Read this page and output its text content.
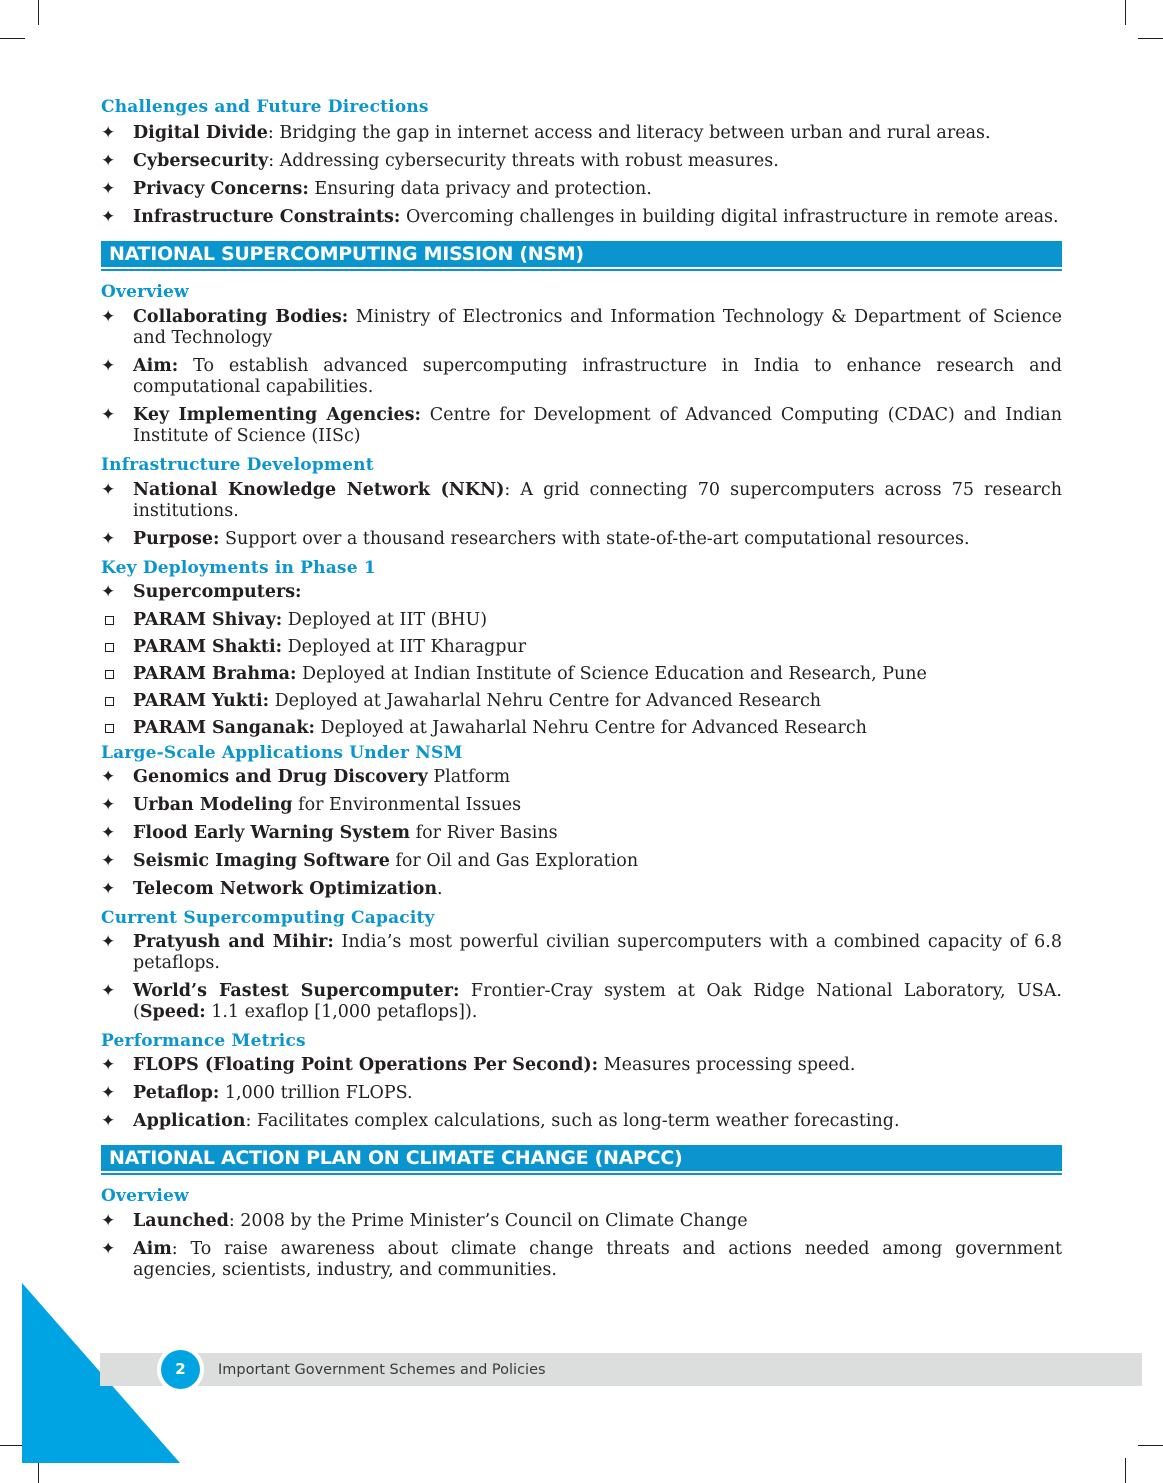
Challenges and Future Directions
✦ Digital Divide: Bridging the gap in internet access and literacy between urban and rural areas.
✦ Cybersecurity: Addressing cybersecurity threats with robust measures.
✦ Privacy Concerns: Ensuring data privacy and protection.
✦ Infrastructure Constraints: Overcoming challenges in building digital infrastructure in remote areas.
NATIONAL SUPERCOMPUTING MISSION (NSM)
Overview
✦ Collaborating Bodies: Ministry of Electronics and Information Technology & Department of Science and Technology
✦ Aim: To establish advanced supercomputing infrastructure in India to enhance research and computational capabilities.
✦ Key Implementing Agencies: Centre for Development of Advanced Computing (CDAC) and Indian Institute of Science (IISc)
Infrastructure Development
✦ National Knowledge Network (NKN): A grid connecting 70 supercomputers across 75 research institutions.
✦ Purpose: Support over a thousand researchers with state-of-the-art computational resources.
Key Deployments in Phase 1
✦ Supercomputers:
PARAM Shivay: Deployed at IIT (BHU)
PARAM Shakti: Deployed at IIT Kharagpur
PARAM Brahma: Deployed at Indian Institute of Science Education and Research, Pune
PARAM Yukti: Deployed at Jawaharlal Nehru Centre for Advanced Research
PARAM Sanganak: Deployed at Jawaharlal Nehru Centre for Advanced Research
Large-Scale Applications Under NSM
✦ Genomics and Drug Discovery Platform
✦ Urban Modeling for Environmental Issues
✦ Flood Early Warning System for River Basins
✦ Seismic Imaging Software for Oil and Gas Exploration
✦ Telecom Network Optimization.
Current Supercomputing Capacity
✦ Pratyush and Mihir: India’s most powerful civilian supercomputers with a combined capacity of 6.8 petaflops.
✦ World’s Fastest Supercomputer: Frontier-Cray system at Oak Ridge National Laboratory, USA. (Speed: 1.1 exaflop [1,000 petaflops]).
Performance Metrics
✦ FLOPS (Floating Point Operations Per Second): Measures processing speed.
✦ Petaflop: 1,000 trillion FLOPS.
✦ Application: Facilitates complex calculations, such as long-term weather forecasting.
NATIONAL ACTION PLAN ON CLIMATE CHANGE (NAPCC)
Overview
✦ Launched: 2008 by the Prime Minister’s Council on Climate Change
✦ Aim: To raise awareness about climate change threats and actions needed among government agencies, scientists, industry, and communities.
2	Important Government Schemes and Policies
